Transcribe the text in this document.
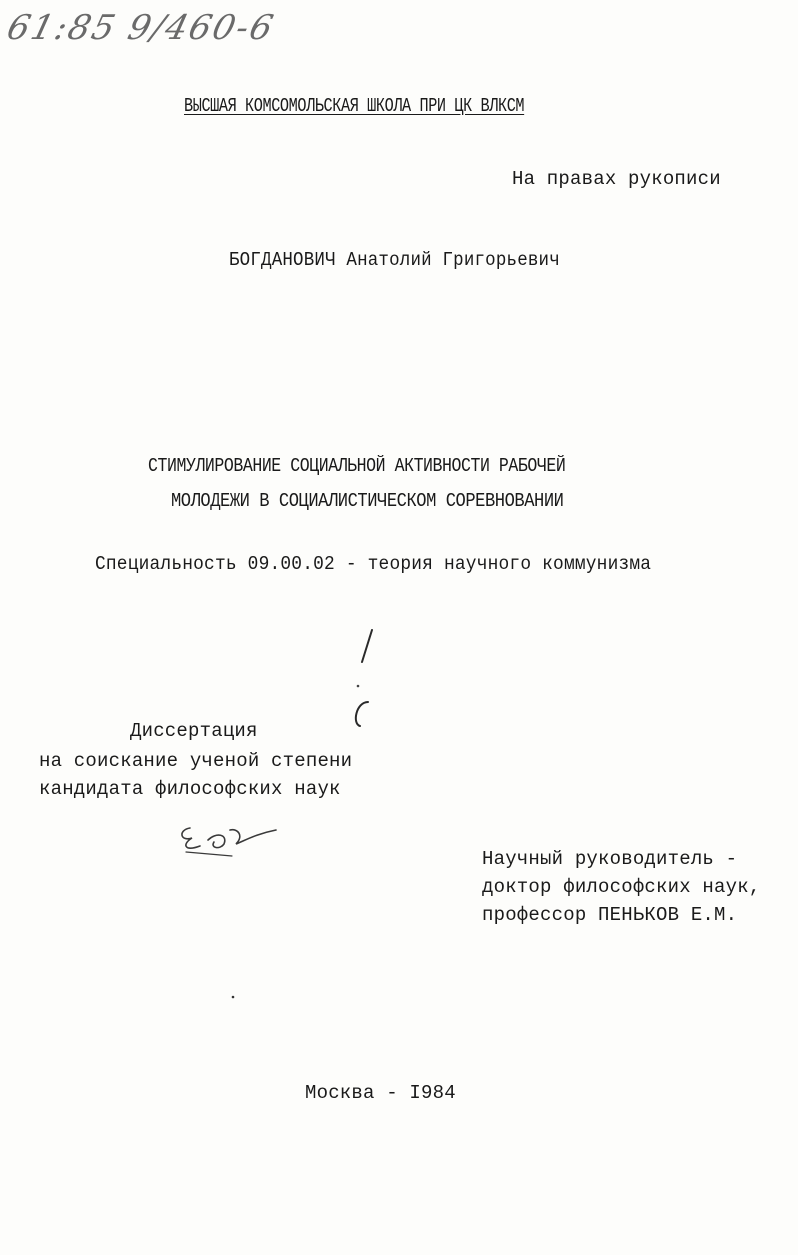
61:85 9/460-6
ВЫСШАЯ КОМСОМОЛЬСКАЯ ШКОЛА ПРИ ЦК ВЛКСМ
На правах рукописи
БОГДАНОВИЧ Анатолий Григорьевич
СТИМУЛИРОВАНИЕ СОЦИАЛЬНОЙ АКТИВНОСТИ РАБОЧЕЙ
МОЛОДЕЖИ В СОЦИАЛИСТИЧЕСКОМ СОРЕВНОВАНИИ
Специальность 09.00.02 - теория научного коммунизма
Диссертация
на соискание ученой степени
кандидата философских наук
Научный руководитель -
доктор философских наук,
профессор ПЕНЬКОВ Е.М.
Москва - I984
